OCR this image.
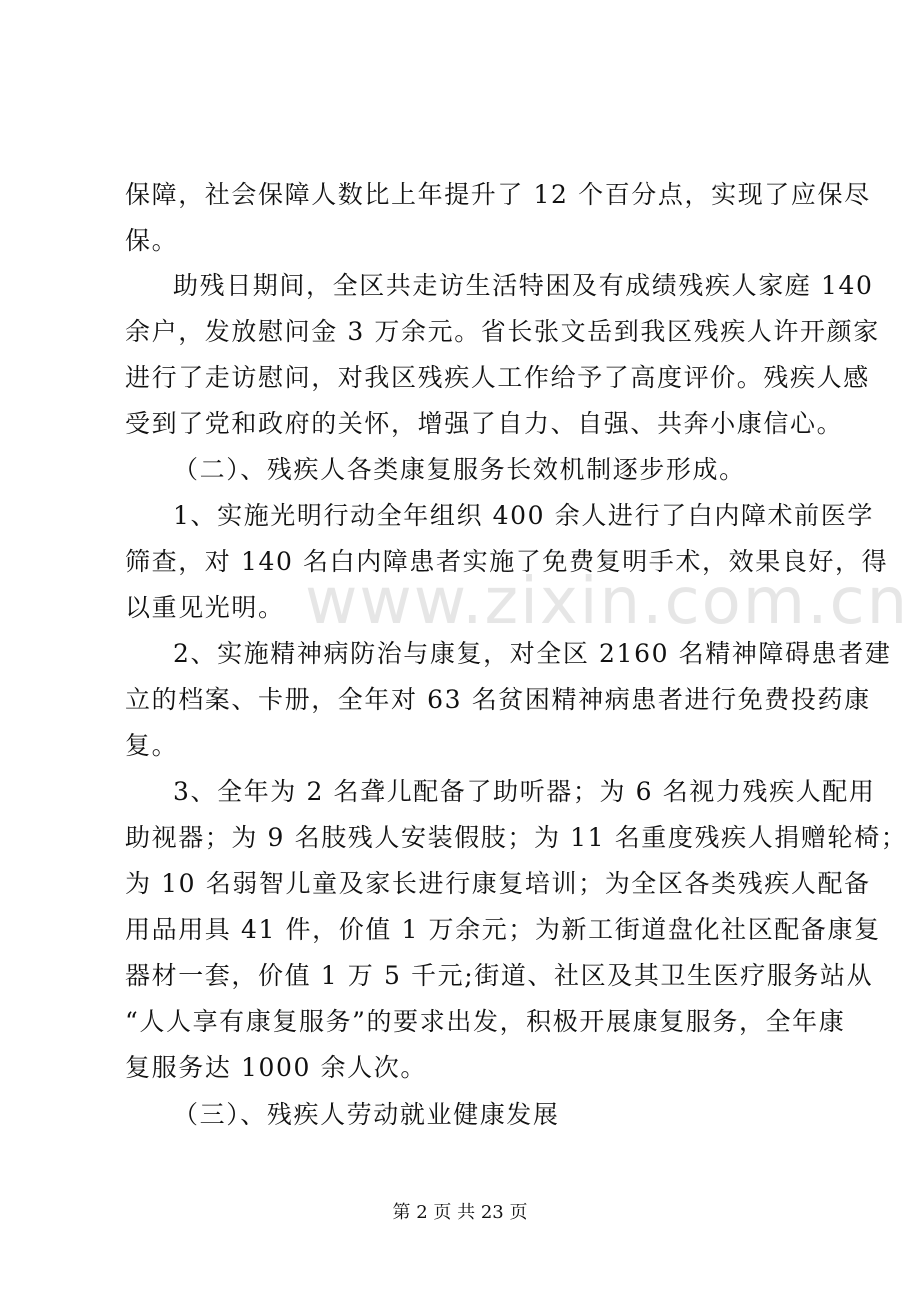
www.zixin.com.cn
保障，社会保障人数比上年提升了 12 个百分点，实现了应保尽
保。
助残日期间，全区共走访生活特困及有成绩残疾人家庭 140
余户，发放慰问金 3 万余元。省长张文岳到我区残疾人许开颜家
进行了走访慰问，对我区残疾人工作给予了高度评价。残疾人感
受到了党和政府的关怀，增强了自力、自强、共奔小康信心。
（二）、残疾人各类康复服务长效机制逐步形成。
1、实施光明行动全年组织 400 余人进行了白内障术前医学
筛查，对 140 名白内障患者实施了免费复明手术，效果良好，得
以重见光明。
2、实施精神病防治与康复，对全区 2160 名精神障碍患者建
立的档案、卡册，全年对 63 名贫困精神病患者进行免费投药康
复。
3、全年为 2 名聋儿配备了助听器；为 6 名视力残疾人配用
助视器；为 9 名肢残人安装假肢；为 11 名重度残疾人捐赠轮椅；
为 10 名弱智儿童及家长进行康复培训；为全区各类残疾人配备
用品用具 41 件，价值 1 万余元；为新工街道盘化社区配备康复
器材一套，价值 1 万 5 千元;街道、社区及其卫生医疗服务站从
“人人享有康复服务”的要求出发，积极开展康复服务，全年康
复服务达 1000 余人次。
（三）、残疾人劳动就业健康发展
第 2 页 共 23 页
